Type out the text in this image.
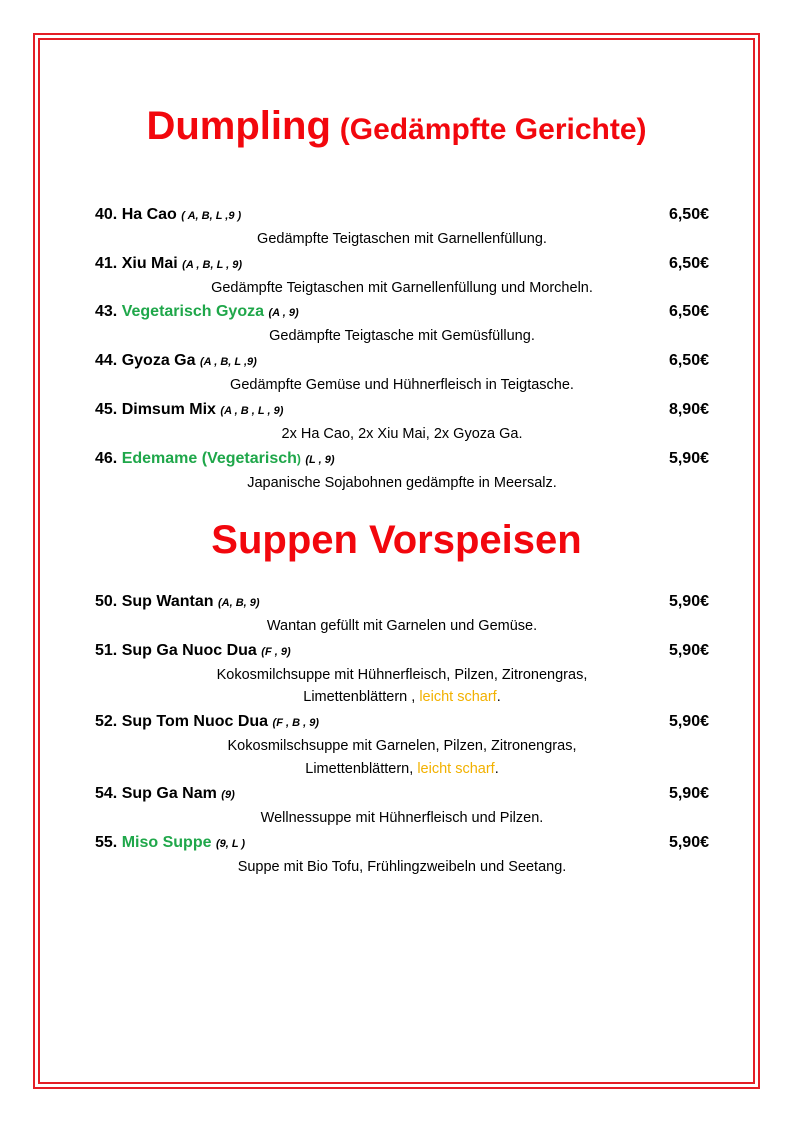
Dumpling (Gedämpfte Gerichte)
40. Ha Cao ( A, B, L ,9 )	6,50€
Gedämpfte Teigtaschen mit Garnellenfüllung.
41. Xiu Mai (A , B, L , 9)	6,50€
Gedämpfte Teigtaschen mit Garnellenfüllung und Morcheln.
43. Vegetarisch Gyoza (A , 9)	6,50€
Gedämpfte Teigtasche mit Gemüsfüllung.
44. Gyoza Ga (A , B, L ,9)	6,50€
Gedämpfte Gemüse und Hühnerfleisch in Teigtasche.
45. Dimsum Mix (A , B , L , 9)	8,90€
2x Ha Cao, 2x Xiu Mai, 2x Gyoza Ga.
46. Edemame (Vegetarisch) (L , 9)	5,90€
Japanische Sojabohnen gedämpfte in Meersalz.
Suppen Vorspeisen
50. Sup Wantan (A, B, 9)	5,90€
Wantan gefüllt mit Garnelen und Gemüse.
51. Sup Ga Nuoc Dua (F , 9)	5,90€
Kokosmilchsuppe mit Hühnerfleisch, Pilzen, Zitronengras,
Limettenblättern , leicht scharf.
52. Sup Tom Nuoc Dua (F , B , 9)	5,90€
Kokosmilschsuppe mit Garnelen, Pilzen, Zitronengras,
Limettenblättern, leicht scharf.
54. Sup Ga Nam (9)	5,90€
Wellnessuppe mit Hühnerfleisch und Pilzen.
55. Miso Suppe (9, L )	5,90€
Suppe mit Bio Tofu, Frühlingzweibeln und Seetang.
